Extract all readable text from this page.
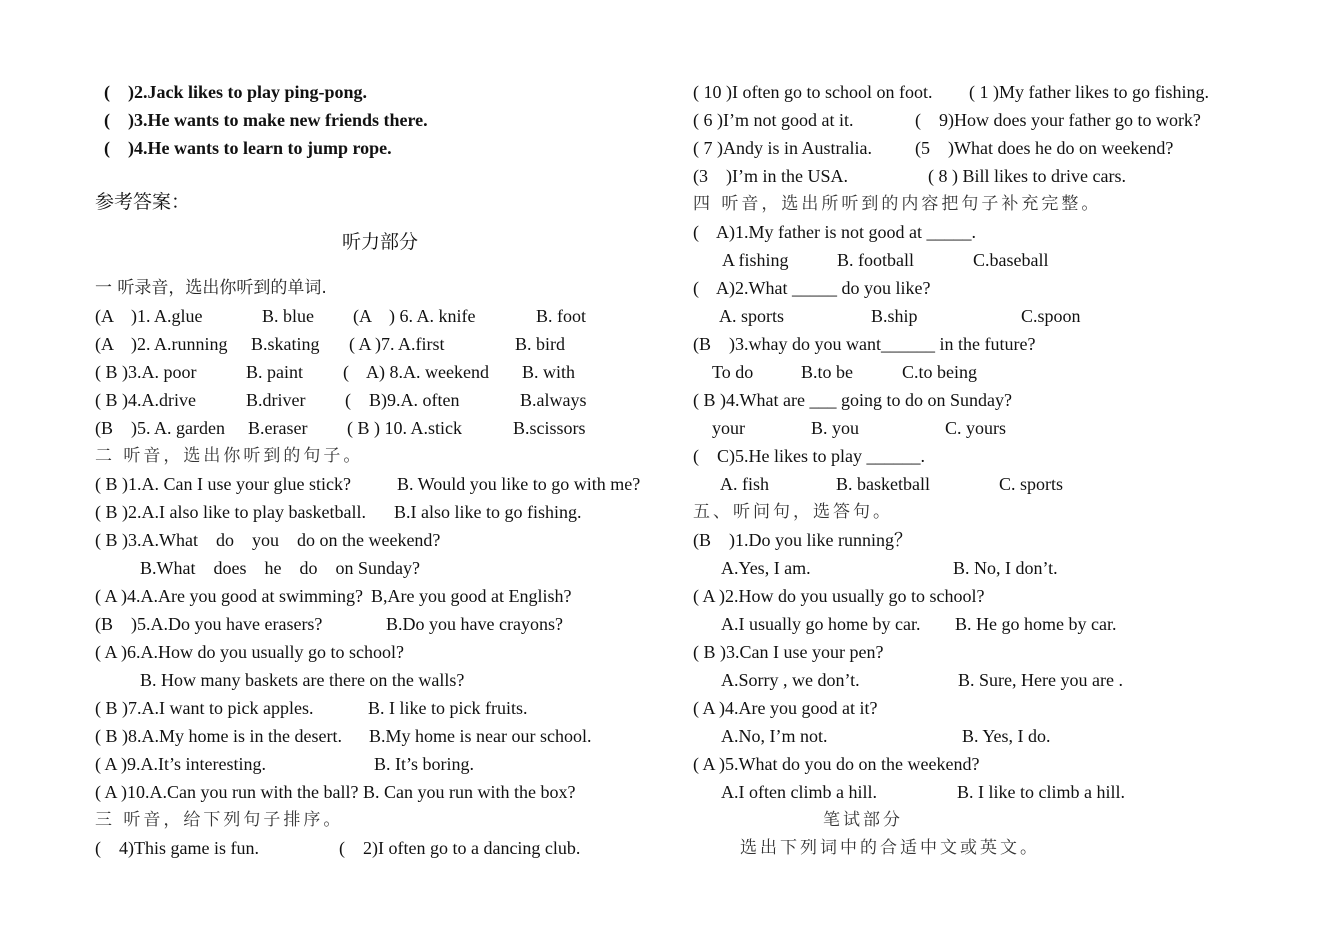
(    )2.Jack likes to play ping-pong.
(    )3.He wants to make new friends there.
(    )4.He wants to learn to jump rope.
参考答案：
听力部分
一 听录音，选出你听到的单词.
(A    )1. A.glue	B. blue (A    ) 6. A. knife	B. foot
(A    )2. A.running B.skating ( A )7. A.first	B. bird
( B )3.A. poor	B. paint (    A) 8.A. weekend B. with
( B )4.A.drive	B.driver (    B)9.A. often	B.always
(B    )5. A. garden B.eraser ( B ) 10. A.stick	B.scissors
二 听音，选出你听到的句子。
( B )1.A. Can I use your glue stick?	B. Would you like to go with me?
( B )2.A.I also like to play basketball. B.I also like to go fishing.
( B )3.A.What    do    you    do on the weekend?
B.What    does    he    do    on Sunday?
( A )4.A.Are you good at swimming? B,Are you good at English?
(B    )5.A.Do you have erasers?	B.Do you have crayons?
( A )6.A.How do you usually go to school?
B. How many baskets are there on the walls?
( B )7.A.I want to pick apples.	B. I like to pick fruits.
( B )8.A.My home is in the desert. B.My home is near our school.
( A )9.A.It’s interesting.	B. It’s boring.
( A )10.A.Can you run with the ball? B. Can you run with the box?
三 听音，给下列句子排序。
(    4)This game is fun.	(    2)I often go to a dancing club.
( 10 )I often go to school on foot. ( 1 )My father likes to go fishing.
( 6 )I’m not good at it.	(    9)How does your father go to work?
( 7 )Andy is in Australia. (5    )What does he do on weekend?
(3    )I’m in the USA.	( 8 ) Bill likes to drive cars.
四 听音，选出所听到的内容把句子补充完整。
(    A)1.My father is not good at _____.
A fishing	B. football	C.baseball
(    A)2.What _____ do you like?
A. sports	B.ship	C.spoon
(B    )3.whay do you want______ in the future?
To do	B.to be	C.to being
( B )4.What are ___ going to do on Sunday?
your	B. you	C. yours
(    C)5.He likes to play ______.
A. fish	B. basketball	C. sports
五、听问句，选答句。
(B    )1.Do you like running？
A.Yes, I am.	B. No, I don’t.
( A )2.How do you usually go to school?
A.I usually go home by car. B. He go home by car.
( B )3.Can I use your pen?
A.Sorry , we don’t.	B. Sure, Here you are .
( A )4.Are you good at it?
A.No, I’m not.	B. Yes, I do.
( A )5.What do you do on the weekend?
A.I often climb a hill.	B. I like to climb a hill.
笔试部分
选出下列词中的合适中文或英文。
